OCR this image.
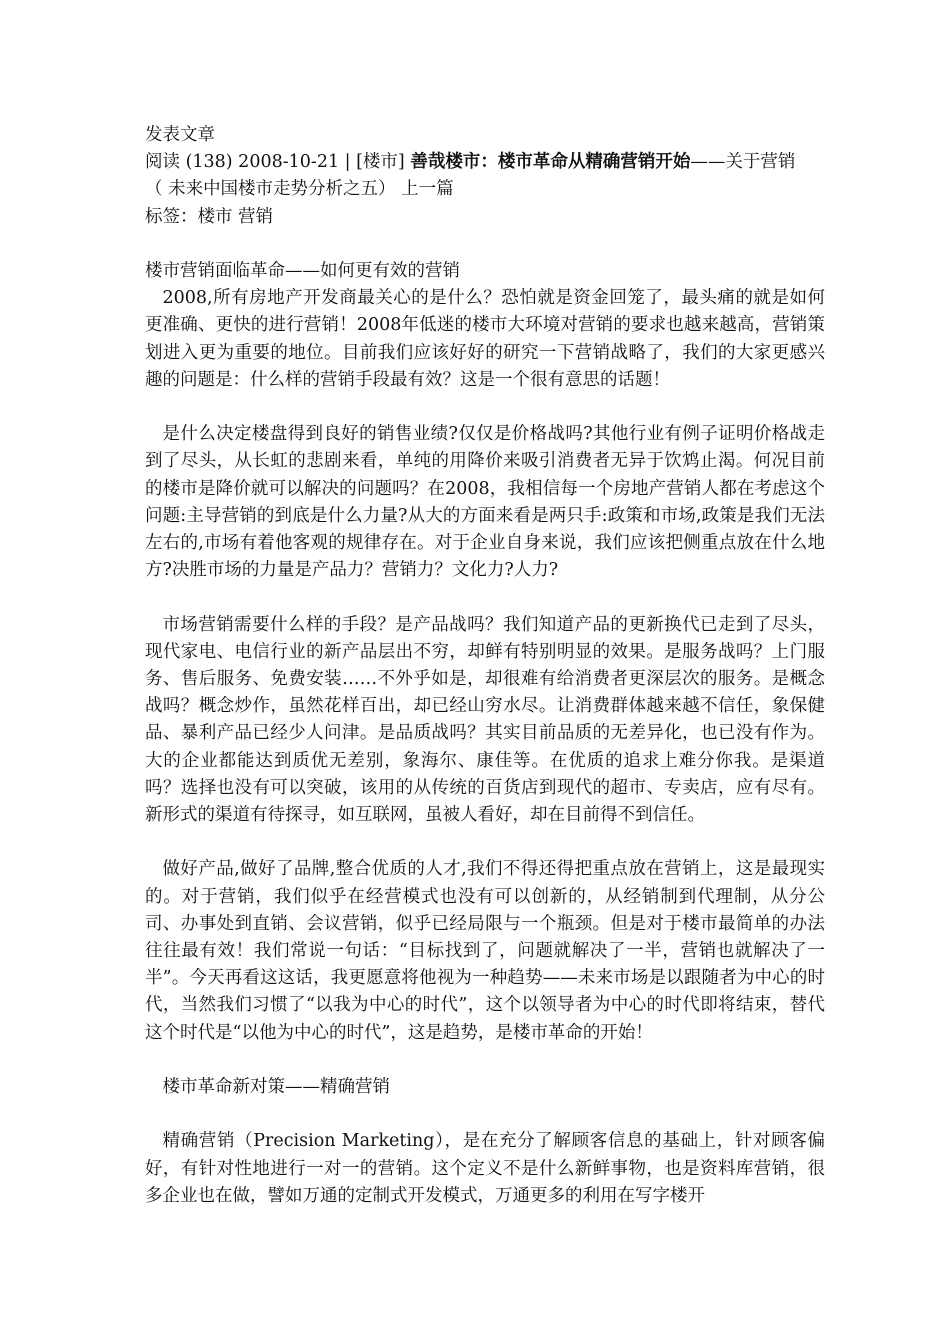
发表文章
阅读 (138) 2008-10-21 | [楼市] 善哉楼市：楼市革命从精确营销开始——关于营销
（ 未来中国楼市走势分析之五） 上一篇
标签：楼市 营销
楼市营销面临革命——如何更有效的营销

2008,所有房地产开发商最关心的是什么？恐怕就是资金回笼了，最头痛的就是如何更准确、更快的进行营销！2008年低迷的楼市大环境对营销的要求也越来越高，营销策划进入更为重要的地位。目前我们应该好好的研究一下营销战略了，我们的大家更感兴趣的问题是：什么样的营销手段最有效？这是一个很有意思的话题！

是什么决定楼盘得到良好的销售业绩?仅仅是价格战吗?其他行业有例子证明价格战走到了尽头，从长虹的悲剧来看，单纯的用降价来吸引消费者无异于饮鸩止渴。何况目前的楼市是降价就可以解决的问题吗？在2008，我相信每一个房地产营销人都在考虑这个问题:主导营销的到底是什么力量?从大的方面来看是两只手:政策和市场,政策是我们无法左右的,市场有着他客观的规律存在。对于企业自身来说，我们应该把侧重点放在什么地方?决胜市场的力量是产品力？营销力？文化力?人力?

市场营销需要什么样的手段？是产品战吗？我们知道产品的更新换代已走到了尽头，现代家电、电信行业的新产品层出不穷，却鲜有特别明显的效果。是服务战吗？上门服务、售后服务、免费安装……不外乎如是，却很难有给消费者更深层次的服务。是概念战吗？概念炒作，虽然花样百出，却已经山穷水尽。让消费群体越来越不信任，象保健品、暴利产品已经少人问津。是品质战吗？其实目前品质的无差异化，也已没有作为。大的企业都能达到质优无差别，象海尔、康佳等。在优质的追求上难分你我。是渠道吗？选择也没有可以突破，该用的从传统的百货店到现代的超市、专卖店，应有尽有。新形式的渠道有待探寻，如互联网，虽被人看好，却在目前得不到信任。

做好产品,做好了品牌,整合优质的人才,我们不得还得把重点放在营销上，这是最现实的。对于营销，我们似乎在经营模式也没有可以创新的，从经销制到代理制，从分公司、办事处到直销、会议营销，似乎已经局限与一个瓶颈。但是对于楼市最简单的办法往往最有效！我们常说一句话：“目标找到了，问题就解决了一半，营销也就解决了一半”。今天再看这这话，我更愿意将他视为一种趋势——未来市场是以跟随者为中心的时代，当然我们习惯了“以我为中心的时代”，这个以领导者为中心的时代即将结束，替代这个时代是“以他为中心的时代”，这是趋势，是楼市革命的开始！

楼市革命新对策——精确营销

精确营销（Precision Marketing），是在充分了解顾客信息的基础上，针对顾客偏好，有针对性地进行一对一的营销。这个定义不是什么新鲜事物，也是资料库营销，很多企业也在做，譬如万通的定制式开发模式，万通更多的利用在写字楼开
